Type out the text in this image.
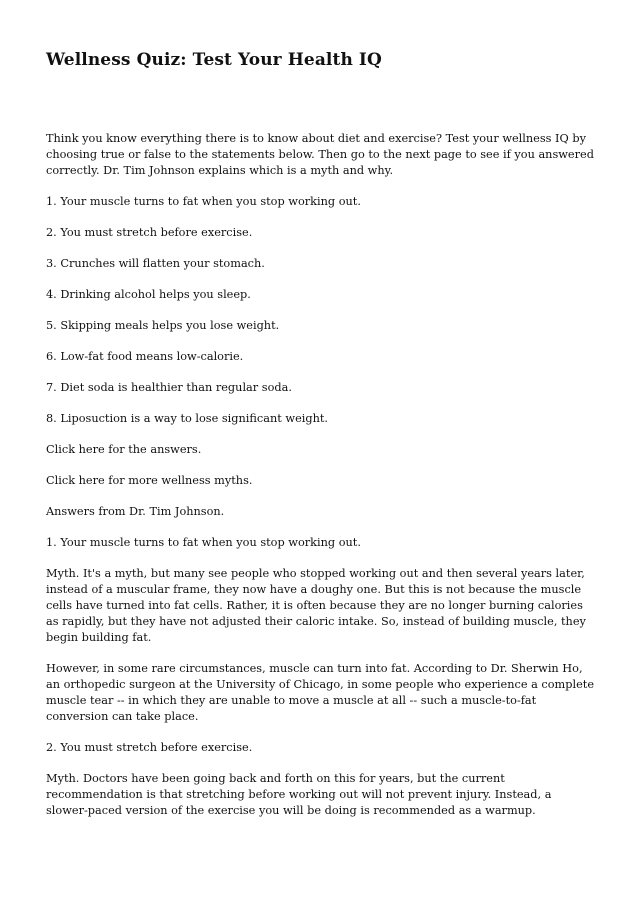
Wellness Quiz: Test Your Health IQ

Think you know everything there is to know about diet and exercise? Test your wellness IQ by choosing true or false to the statements below. Then go to the next page to see if you answered correctly. Dr. Tim Johnson explains which is a myth and why.

1. Your muscle turns to fat when you stop working out.

2. You must stretch before exercise.

3. Crunches will flatten your stomach.

4. Drinking alcohol helps you sleep.

5. Skipping meals helps you lose weight.

6. Low-fat food means low-calorie.

7. Diet soda is healthier than regular soda.

8. Liposuction is a way to lose significant weight.

Click here for the answers.

Click here for more wellness myths.

Answers from Dr. Tim Johnson.

1. Your muscle turns to fat when you stop working out.

Myth. It's a myth, but many see people who stopped working out and then several years later, instead of a muscular frame, they now have a doughy one. But this is not because the muscle cells have turned into fat cells. Rather, it is often because they are no longer burning calories as rapidly, but they have not adjusted their caloric intake. So, instead of building muscle, they begin building fat.

However, in some rare circumstances, muscle can turn into fat. According to Dr. Sherwin Ho, an orthopedic surgeon at the University of Chicago, in some people who experience a complete muscle tear -- in which they are unable to move a muscle at all -- such a muscle-to-fat conversion can take place.

2. You must stretch before exercise.

Myth. Doctors have been going back and forth on this for years, but the current recommendation is that stretching before working out will not prevent injury. Instead, a slower-paced version of the exercise you will be doing is recommended as a warmup.
